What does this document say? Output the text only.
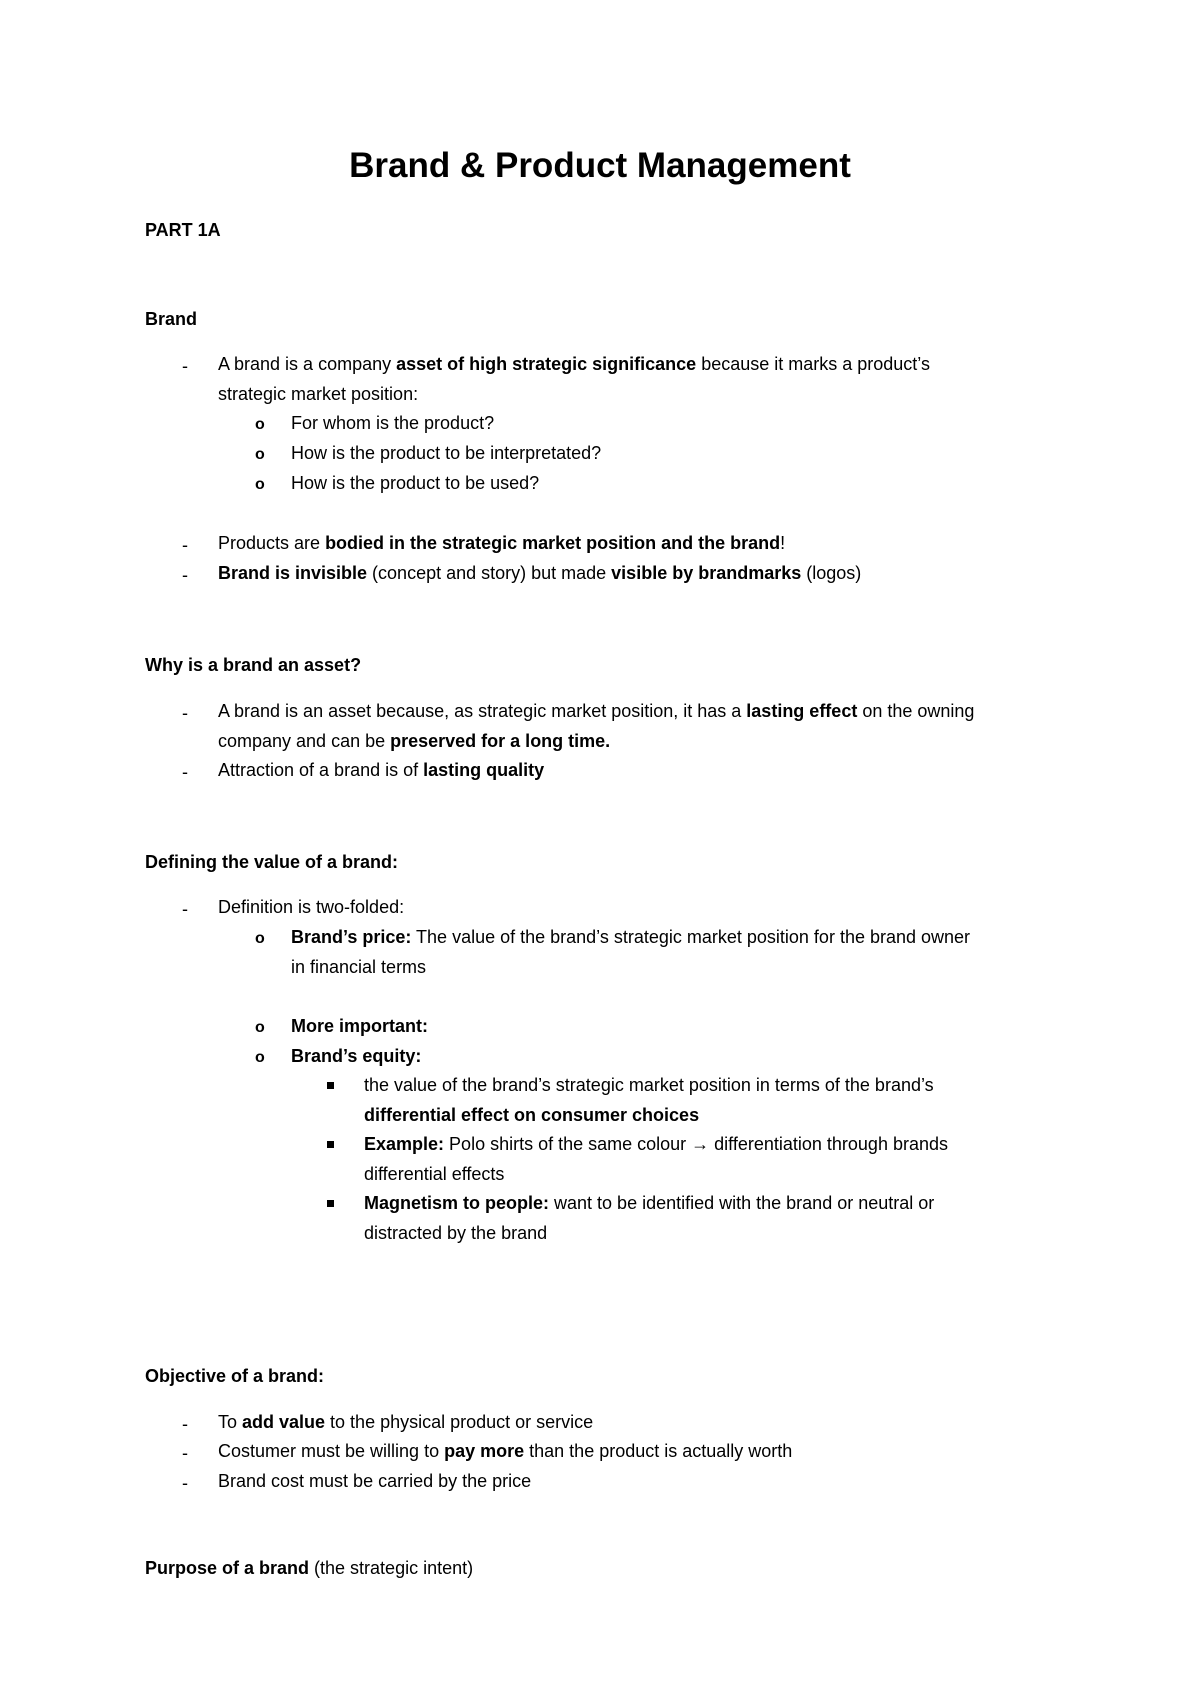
Brand & Product Management
PART 1A
Brand
- A brand is a company asset of high strategic significance because it marks a product’s
strategic market position:
o For whom is the product?
o How is the product to be interpretated?
o How is the product to be used?
- Products are bodied in the strategic market position and the brand!
- Brand is invisible (concept and story) but made visible by brandmarks (logos)
Why is a brand an asset?
- A brand is an asset because, as strategic market position, it has a lasting effect on the owning
company and can be preserved for a long time.
- Attraction of a brand is of lasting quality
Defining the value of a brand:
- Definition is two-folded:
o Brand’s price: The value of the brand’s strategic market position for the brand owner
in financial terms
o More important:
o Brand’s equity:
the value of the brand’s strategic market position in terms of the brand’s
differential effect on consumer choices
Example: Polo shirts of the same colour → differentiation through brands
differential effects
Magnetism to people: want to be identified with the brand or neutral or
distracted by the brand
Objective of a brand:
- To add value to the physical product or service
- Costumer must be willing to pay more than the product is actually worth
- Brand cost must be carried by the price
Purpose of a brand (the strategic intent)
